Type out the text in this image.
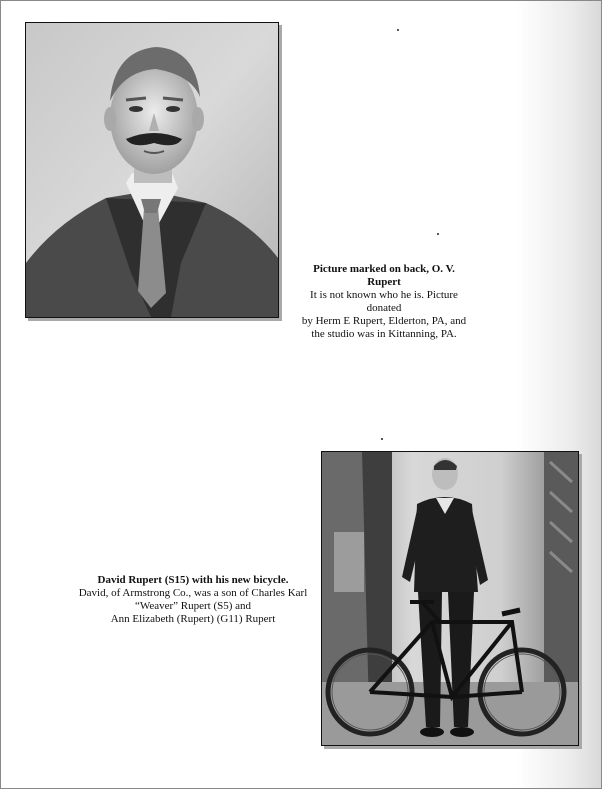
Picture marked on back, O. V. Rupert
It is not known who he is. Picture donated
by Herm E Rupert, Elderton, PA, and
the studio was in Kittanning, PA.
David Rupert (S15) with his new bicycle.
David, of Armstrong Co., was a son of Charles Karl
“Weaver” Rupert (S5) and
Ann Elizabeth (Rupert) (G11) Rupert
